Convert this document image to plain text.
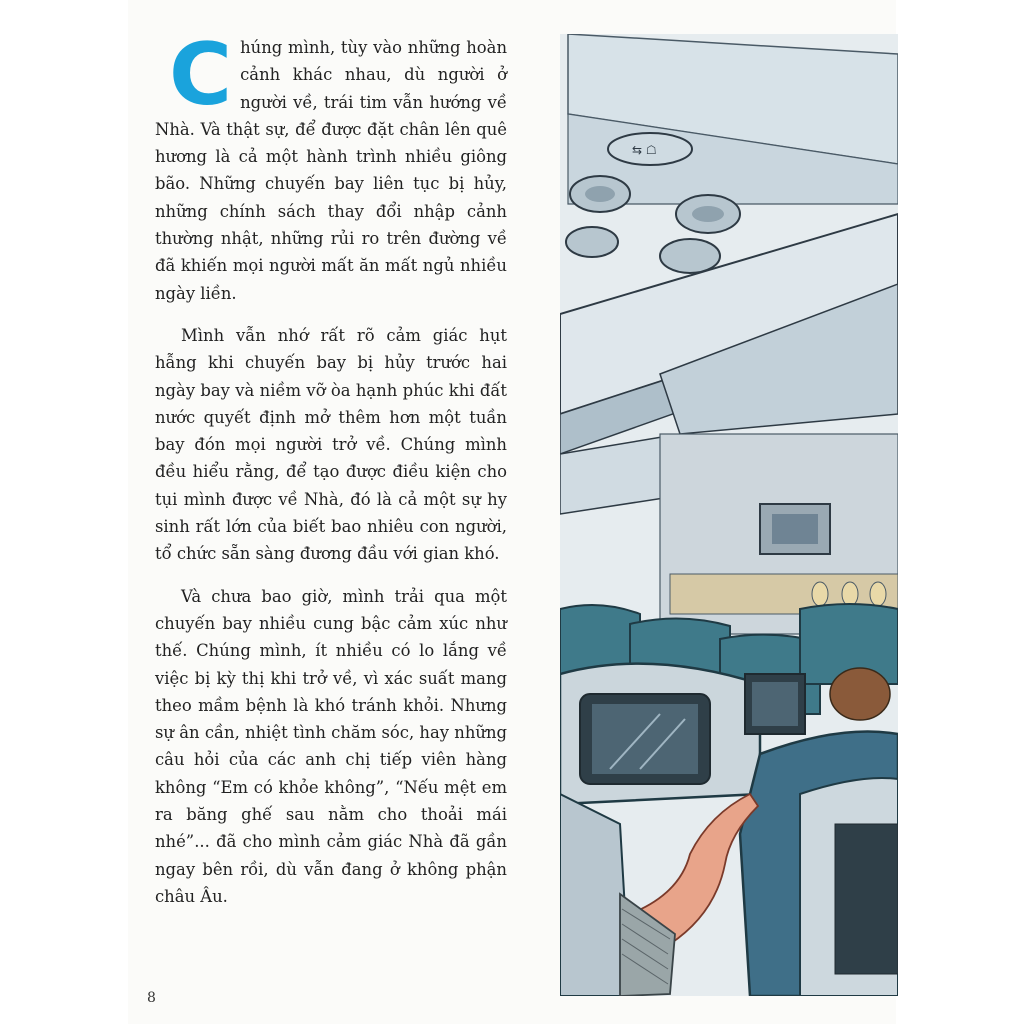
Chúng mình, tùy vào những hoàn cảnh khác nhau, dù người ở người về, trái tim vẫn hướng về Nhà. Và thật sự, để được đặt chân lên quê hương là cả một hành trình nhiều giông bão. Những chuyến bay liên tục bị hủy, những chính sách thay đổi nhập cảnh thường nhật, những rủi ro trên đường về đã khiến mọi người mất ăn mất ngủ nhiều ngày liền.

Mình vẫn nhớ rất rõ cảm giác hụt hẫng khi chuyến bay bị hủy trước hai ngày bay và niềm vỡ òa hạnh phúc khi đất nước quyết định mở thêm hơn một tuần bay đón mọi người trở về. Chúng mình đều hiểu rằng, để tạo được điều kiện cho tụi mình được về Nhà, đó là cả một sự hy sinh rất lớn của biết bao nhiêu con người, tổ chức sẵn sàng đương đầu với gian khó.

Và chưa bao giờ, mình trải qua một chuyến bay nhiều cung bậc cảm xúc như thế. Chúng mình, ít nhiều có lo lắng về việc bị kỳ thị khi trở về, vì xác suất mang theo mầm bệnh là khó tránh khỏi. Nhưng sự ân cần, nhiệt tình chăm sóc, hay những câu hỏi của các anh chị tiếp viên hàng không “Em có khỏe không”, “Nếu mệt em ra băng ghế sau nằm cho thoải mái nhé”... đã cho mình cảm giác Nhà đã gần ngay bên rồi, dù vẫn đang ở không phận châu Âu.

8
⇆ ☖
